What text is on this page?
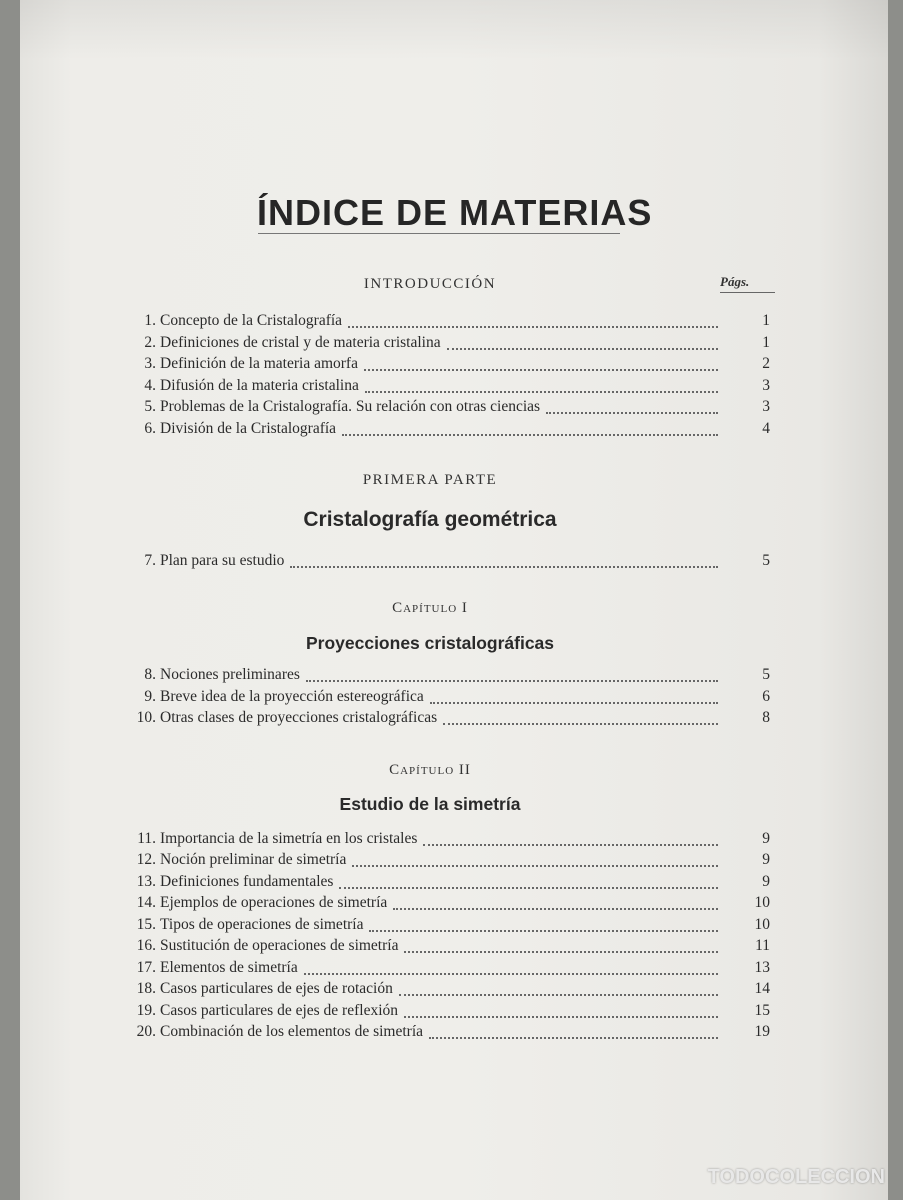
ÍNDICE DE MATERIAS
Págs.
INTRODUCCIÓN
PRIMERA PARTE
Cristalografía geométrica
Capítulo I
Proyecciones cristalográficas
Capítulo II
Estudio de la simetría
1. Concepto de la Cristalografía	1
2. Definiciones de cristal y de materia cristalina	1
3. Definición de la materia amorfa	2
4. Difusión de la materia cristalina	3
5. Problemas de la Cristalografía. Su relación con otras ciencias	3
6. División de la Cristalografía	4
7. Plan para su estudio	5
8. Nociones preliminares	5
9. Breve idea de la proyección estereográfica	6
10. Otras clases de proyecciones cristalográficas	8
11. Importancia de la simetría en los cristales	9
12. Noción preliminar de simetría	9
13. Definiciones fundamentales	9
14. Ejemplos de operaciones de simetría	10
15. Tipos de operaciones de simetría	10
16. Sustitución de operaciones de simetría	11
17. Elementos de simetría	13
18. Casos particulares de ejes de rotación	14
19. Casos particulares de ejes de reflexión	15
20. Combinación de los elementos de simetría	19
TODOCOLECCION
